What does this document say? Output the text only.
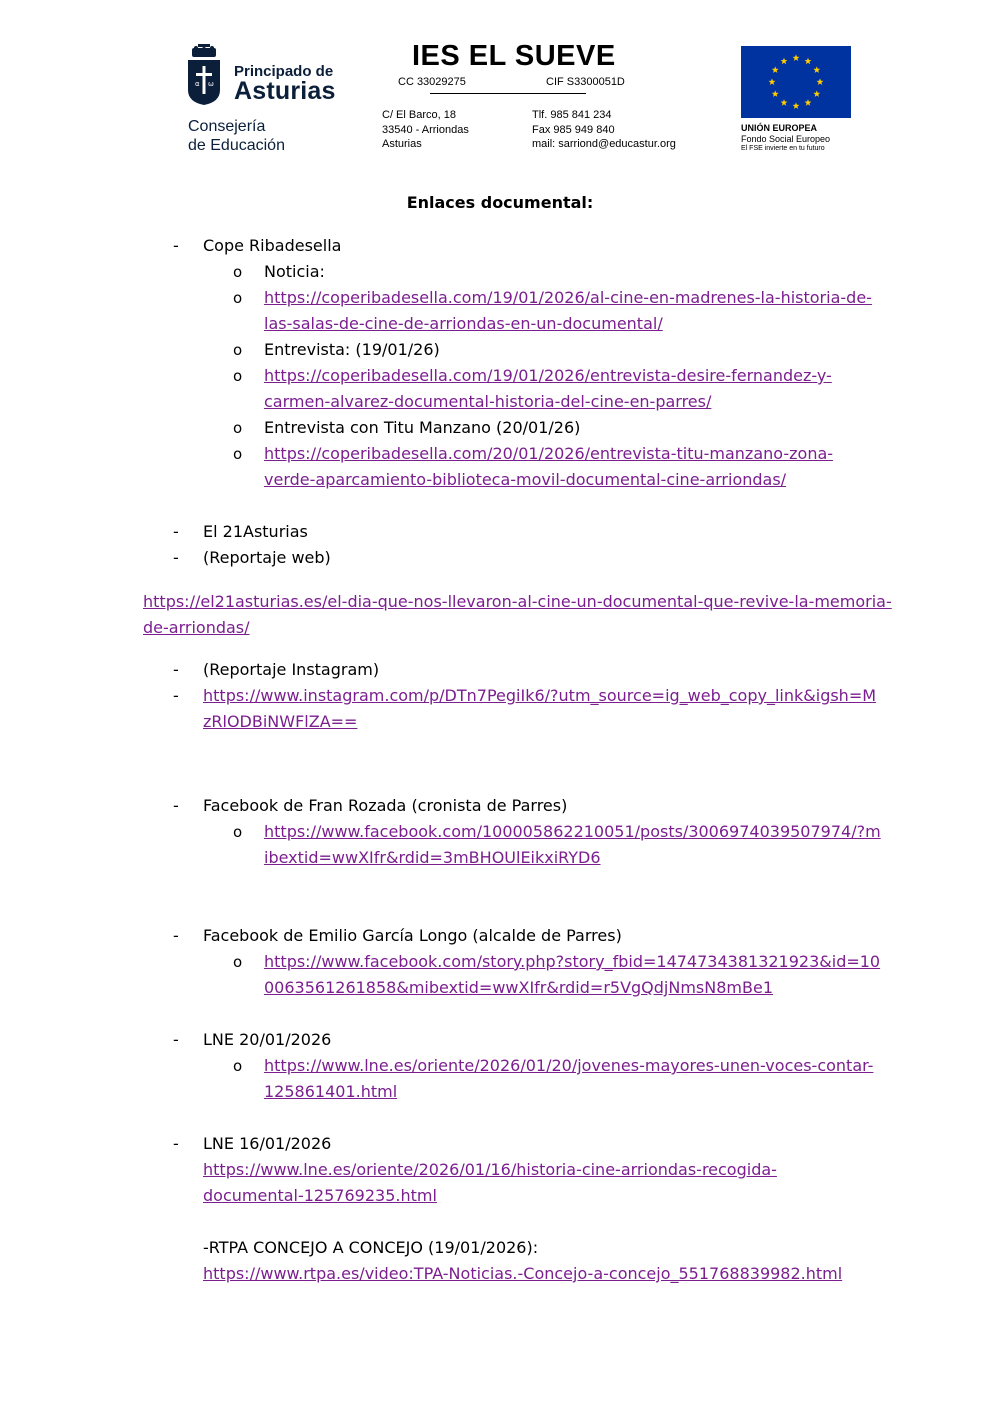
α ω
Principado de
Asturias
Consejería
de Educación
IES EL SUEVE
CC 33029275	CIF S3300051D
C/ El Barco, 18
33540 - Arriondas
Asturias
Tlf. 985 841 234
Fax 985 949 840
mail: sarriond@educastur.org
UNIÓN EUROPEA
Fondo Social Europeo
El FSE invierte en tu futuro
Enlaces documental:
- Cope Ribadesella
o Noticia:
o https://coperibadesella.com/19/01/2026/al-cine-en-madrenes-la-historia-de-
las-salas-de-cine-de-arriondas-en-un-documental/
o Entrevista: (19/01/26)
o https://coperibadesella.com/19/01/2026/entrevista-desire-fernandez-y-
carmen-alvarez-documental-historia-del-cine-en-parres/
o Entrevista con Titu Manzano (20/01/26)
o https://coperibadesella.com/20/01/2026/entrevista-titu-manzano-zona-
verde-aparcamiento-biblioteca-movil-documental-cine-arriondas/
- El 21Asturias
- (Reportaje web)
https://el21asturias.es/el-dia-que-nos-llevaron-al-cine-un-documental-que-revive-la-memoria-
de-arriondas/
- (Reportaje Instagram)
- https://www.instagram.com/p/DTn7PegiIk6/?utm_source=ig_web_copy_link&igsh=M
zRlODBiNWFlZA==
- Facebook de Fran Rozada (cronista de Parres)
o https://www.facebook.com/100005862210051/posts/3006974039507974/?m
ibextid=wwXIfr&rdid=3mBHOUlEikxiRYD6
- Facebook de Emilio García Longo (alcalde de Parres)
o https://www.facebook.com/story.php?story_fbid=1474734381321923&id=10
0063561261858&mibextid=wwXIfr&rdid=r5VgQdjNmsN8mBe1
- LNE 20/01/2026
o https://www.lne.es/oriente/2026/01/20/jovenes-mayores-unen-voces-contar-
125861401.html
- LNE 16/01/2026
https://www.lne.es/oriente/2026/01/16/historia-cine-arriondas-recogida-
documental-125769235.html
-RTPA CONCEJO A CONCEJO (19/01/2026):
https://www.rtpa.es/video:TPA-Noticias.-Concejo-a-concejo_551768839982.html
